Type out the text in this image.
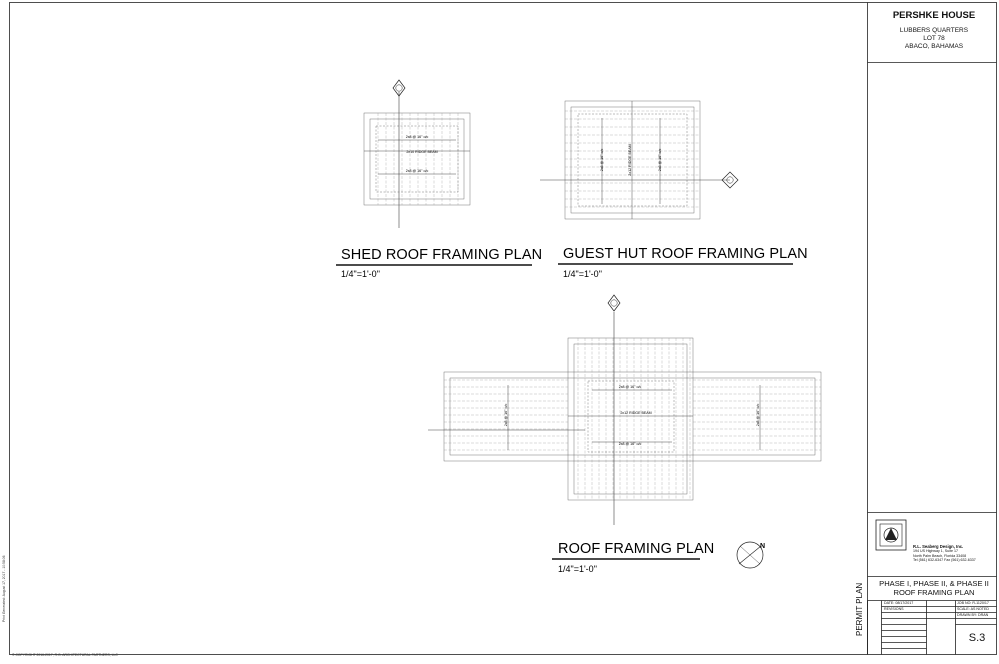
2x8 @ 16" o/c
2x10 RIDGE BEAM
2x8 @ 16" o/c
SHED ROOF FRAMING PLAN
1/4"=1'-0"
2x8 @ 16" o/c	2x12 RIDGE BEAM	2x8 @ 16" o/c
GUEST HUT ROOF FRAMING PLAN
1/4"=1'-0"
2x8 @ 16" o/c
2x12 RIDGE BEAM
2x8 @ 16" o/c
2x8 @ 16" o/c	2x8 @ 16" o/c
ROOF FRAMING PLAN
1/4"=1'-0"
N
PERSHKE HOUSE
LUBBERS QUARTERS
LOT 78
ABACO, BAHAMAS
R.L. Seaberg Design, Inc.
194 US Highway 1, Suite 17
North Palm Beach, Florida 33408
Tel (561) 632-6347 Fax (561) 632-6337
PHASE I, PHASE II, & PHASE II
ROOF FRAMING PLAN
DATE: 08/17/2017
REVISIONS
JOB NO: R-1120/17
SCALE: AS NOTED
DRAWN BY: DRAN
S.3
PERMIT PLAN
Print Generated: August 17, 2017 - 10:58:06
© COPYRIGHT 2016-2017, R.G. ARCHITECTURAL PARTNERS, LLC
